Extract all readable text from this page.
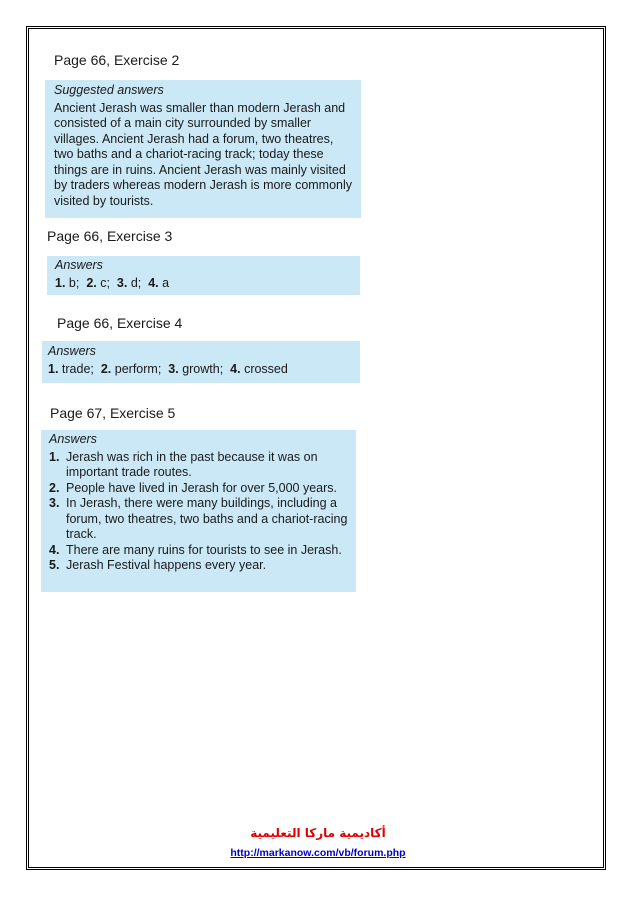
Page 66, Exercise 2

Suggested answers

Ancient Jerash was smaller than modern Jerash and consisted of a main city surrounded by smaller villages. Ancient Jerash had a forum, two theatres, two baths and a chariot-racing track; today these things are in ruins. Ancient Jerash was mainly visited by traders whereas modern Jerash is more commonly visited by tourists.

Page 66, Exercise 3

Answers

1. b; 2. c; 3. d; 4. a

Page 66, Exercise 4

Answers

1. trade; 2. perform; 3. growth; 4. crossed

Page 67, Exercise 5

Answers

1. Jerash was rich in the past because it was on important trade routes.
2. People have lived in Jerash for over 5,000 years.
3. In Jerash, there were many buildings, including a forum, two theatres, two baths and a chariot-racing track.
4. There are many ruins for tourists to see in Jerash.
5. Jerash Festival happens every year.
أكاديمية ماركا التعليمية
http://markanow.com/vb/forum.php
